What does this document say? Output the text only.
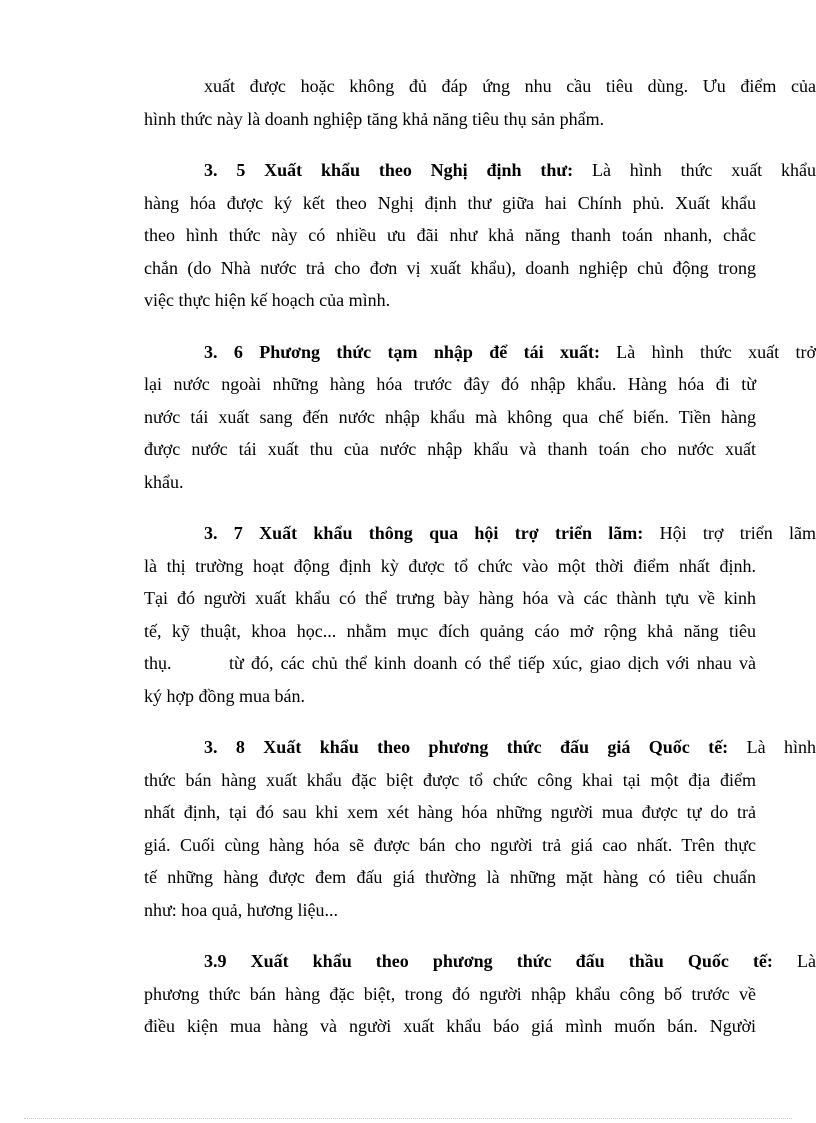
xuất được hoặc không đủ đáp ứng nhu cầu tiêu dùng. Ưu điểm của
hình thức này là doanh nghiệp tăng khả năng tiêu thụ sản phẩm.

3. 5 Xuất khẩu theo Nghị định thư: Là hình thức xuất khẩu
hàng hóa được ký kết theo Nghị định thư giữa hai Chính phủ. Xuất khẩu
theo hình thức này có nhiều ưu đãi như khả năng thanh toán nhanh, chắc
chắn (do Nhà nước trả cho đơn vị xuất khẩu), doanh nghiệp chủ động trong
việc thực hiện kế hoạch của mình.

3. 6 Phương thức tạm nhập để tái xuất: Là hình thức xuất trở
lại nước ngoài những hàng hóa trước đây đó nhập khẩu. Hàng hóa đi từ
nước tái xuất sang đến nước nhập khẩu mà không qua chế biến. Tiền hàng
được nước tái xuất thu của nước nhập khẩu và thanh toán cho nước xuất
khẩu.

3. 7 Xuất khẩu thông qua hội trợ triển lãm: Hội trợ triển lãm
là thị trường hoạt động định kỳ được tổ chức vào một thời điểm nhất định.
Tại đó người xuất khẩu có thể trưng bày hàng hóa và các thành tựu về kinh
tế, kỹ thuật, khoa học... nhằm mục đích quảng cáo mở rộng khả năng tiêu
thụ.        từ đó, các chủ thể kinh doanh có thể tiếp xúc, giao dịch với nhau và
ký hợp đồng mua bán.

3. 8 Xuất khẩu theo phương thức đấu giá Quốc tế: Là hình
thức bán hàng xuất khẩu đặc biệt được tổ chức công khai tại một địa điểm
nhất định, tại đó sau khi xem xét hàng hóa những người mua được tự do trả
giá. Cuối cùng hàng hóa sẽ được bán cho người trả giá cao nhất. Trên thực
tế những hàng được đem đấu giá thường là những mặt hàng có tiêu chuẩn
như: hoa quả, hương liệu...

3.9 Xuất khẩu theo phương thức đấu thầu Quốc tế: Là
phương thức bán hàng đặc biệt, trong đó người nhập khẩu công bố trước về
điều kiện mua hàng và người xuất khẩu báo giá mình muốn bán. Người
